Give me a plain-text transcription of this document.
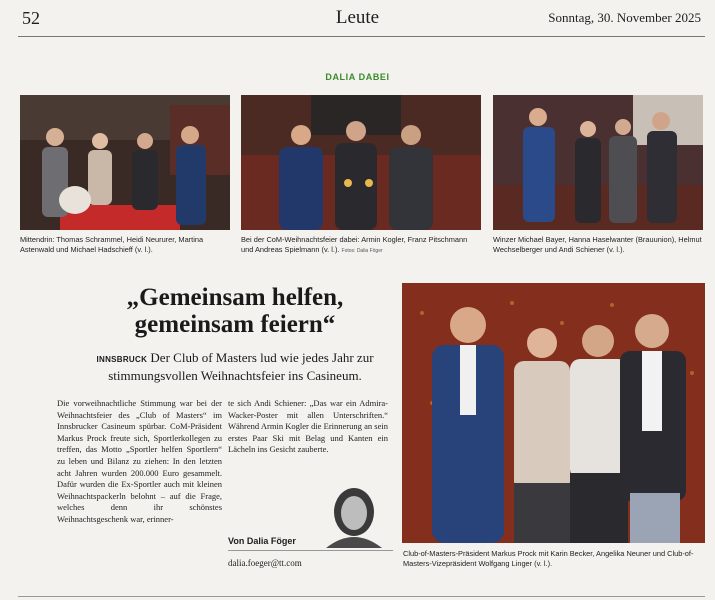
52	Leute	Sonntag, 30. November 2025
DALIA DABEI
Mittendrin: Thomas Schrammel, Heidi Neururer, Martina Astenwald und Michael Hadschieff (v. l.).
Bei der CoM-Weihnachtsfeier dabei: Armin Kogler, Franz Pitschmann und Andreas Spielmann (v. l.). Fotos: Dalia Föger
Winzer Michael Bayer, Hanna Haselwanter (Brauunion), Helmut Wechselberger und Andi Schiener (v. l.).
„Gemeinsam helfen,
gemeinsam feiern“
INNSBRUCK Der Club of Masters lud wie jedes Jahr zur stimmungsvollen Weihnachtsfeier ins Casineum.
Die vorweihnachtliche Stimmung war bei der Weihnachtsfeier des „Club of Masters“ im Innsbrucker Casineum spürbar. CoM-Präsident Markus Prock freute sich, Sportlerkollegen zu treffen, das Motto „Sportler helfen Sportlern“ zu leben und Bilanz zu ziehen: In den letzten acht Jahren wurden 200.000 Euro gesammelt. Dafür wurden die Ex-Sportler auch mit kleinen Weihnachtspackerln belohnt – auf die Frage, welches denn ihr schönstes Weihnachtsgeschenk war, erinner-
te sich Andi Schiener: „Das war ein Admira-Wacker-Poster mit allen Unterschriften.“ Während Armin Kogler die Erinnerung an sein erstes Paar Ski mit Belag und Kanten ein Lächeln ins Gesicht zauberte.
Von Dalia Föger
dalia.foeger@tt.com
Club-of-Masters-Präsident Markus Prock mit Karin Becker, Angelika Neuner und Club-of-Masters-Vizepräsident Wolfgang Linger (v. l.).
